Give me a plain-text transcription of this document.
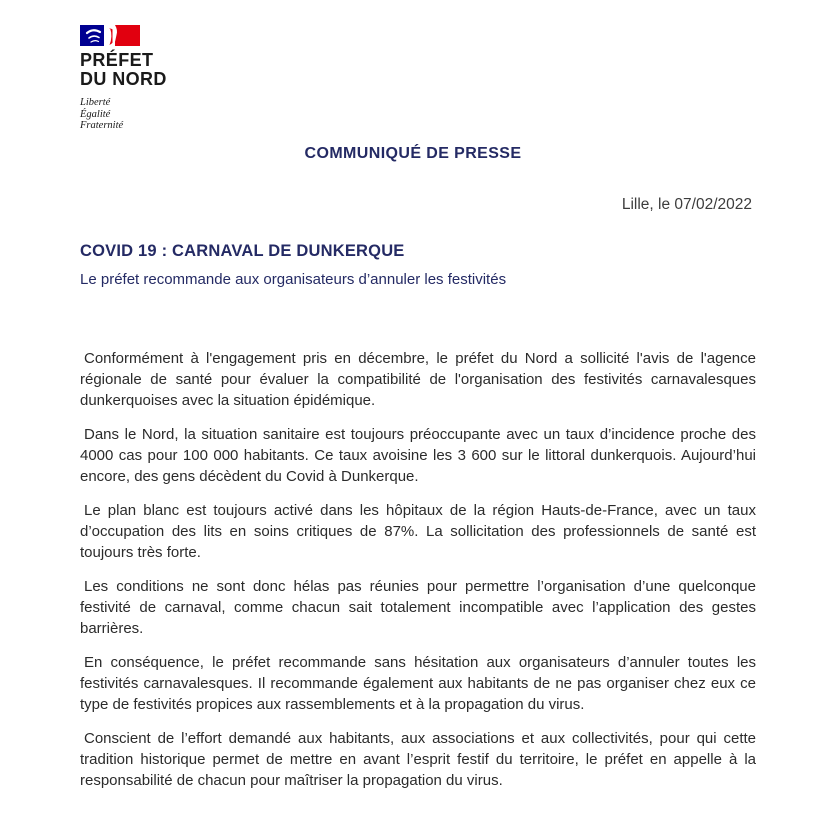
PRÉFET
DU NORD
Liberté
Égalité
Fraternité
COMMUNIQUÉ DE PRESSE
Lille, le 07/02/2022
COVID 19 : CARNAVAL DE DUNKERQUE
Le préfet recommande aux organisateurs d’annuler les festivités

Conformément à l'engagement pris en décembre, le préfet du Nord a sollicité l'avis de l'agence régionale de santé pour évaluer la compatibilité de l'organisation des festivités carnavalesques dunkerquoises avec la situation épidémique.

Dans le Nord, la situation sanitaire est toujours préoccupante avec un taux d’incidence proche des 4000 cas pour 100 000 habitants. Ce taux avoisine les 3 600 sur le littoral dunkerquois. Aujourd’hui encore, des gens décèdent du Covid à Dunkerque.

Le plan blanc est toujours activé dans les hôpitaux de la région Hauts-de-France, avec un taux d’occupation des lits en soins critiques de 87%. La sollicitation des professionnels de santé est toujours très forte.

Les conditions ne sont donc hélas pas réunies pour permettre l’organisation d’une quelconque festivité de carnaval, comme chacun sait totalement incompatible avec l’application des gestes barrières.

En conséquence, le préfet recommande sans hésitation aux organisateurs d’annuler toutes les festivités carnavalesques. Il recommande également aux habitants de ne pas organiser chez eux ce type de festivités propices aux rassemblements et à la propagation du virus.

Conscient de l’effort demandé aux habitants, aux associations et aux collectivités, pour qui cette tradition historique permet de mettre en avant l’esprit festif du territoire, le préfet en appelle à la responsabilité de chacun pour maîtriser la propagation du virus.
